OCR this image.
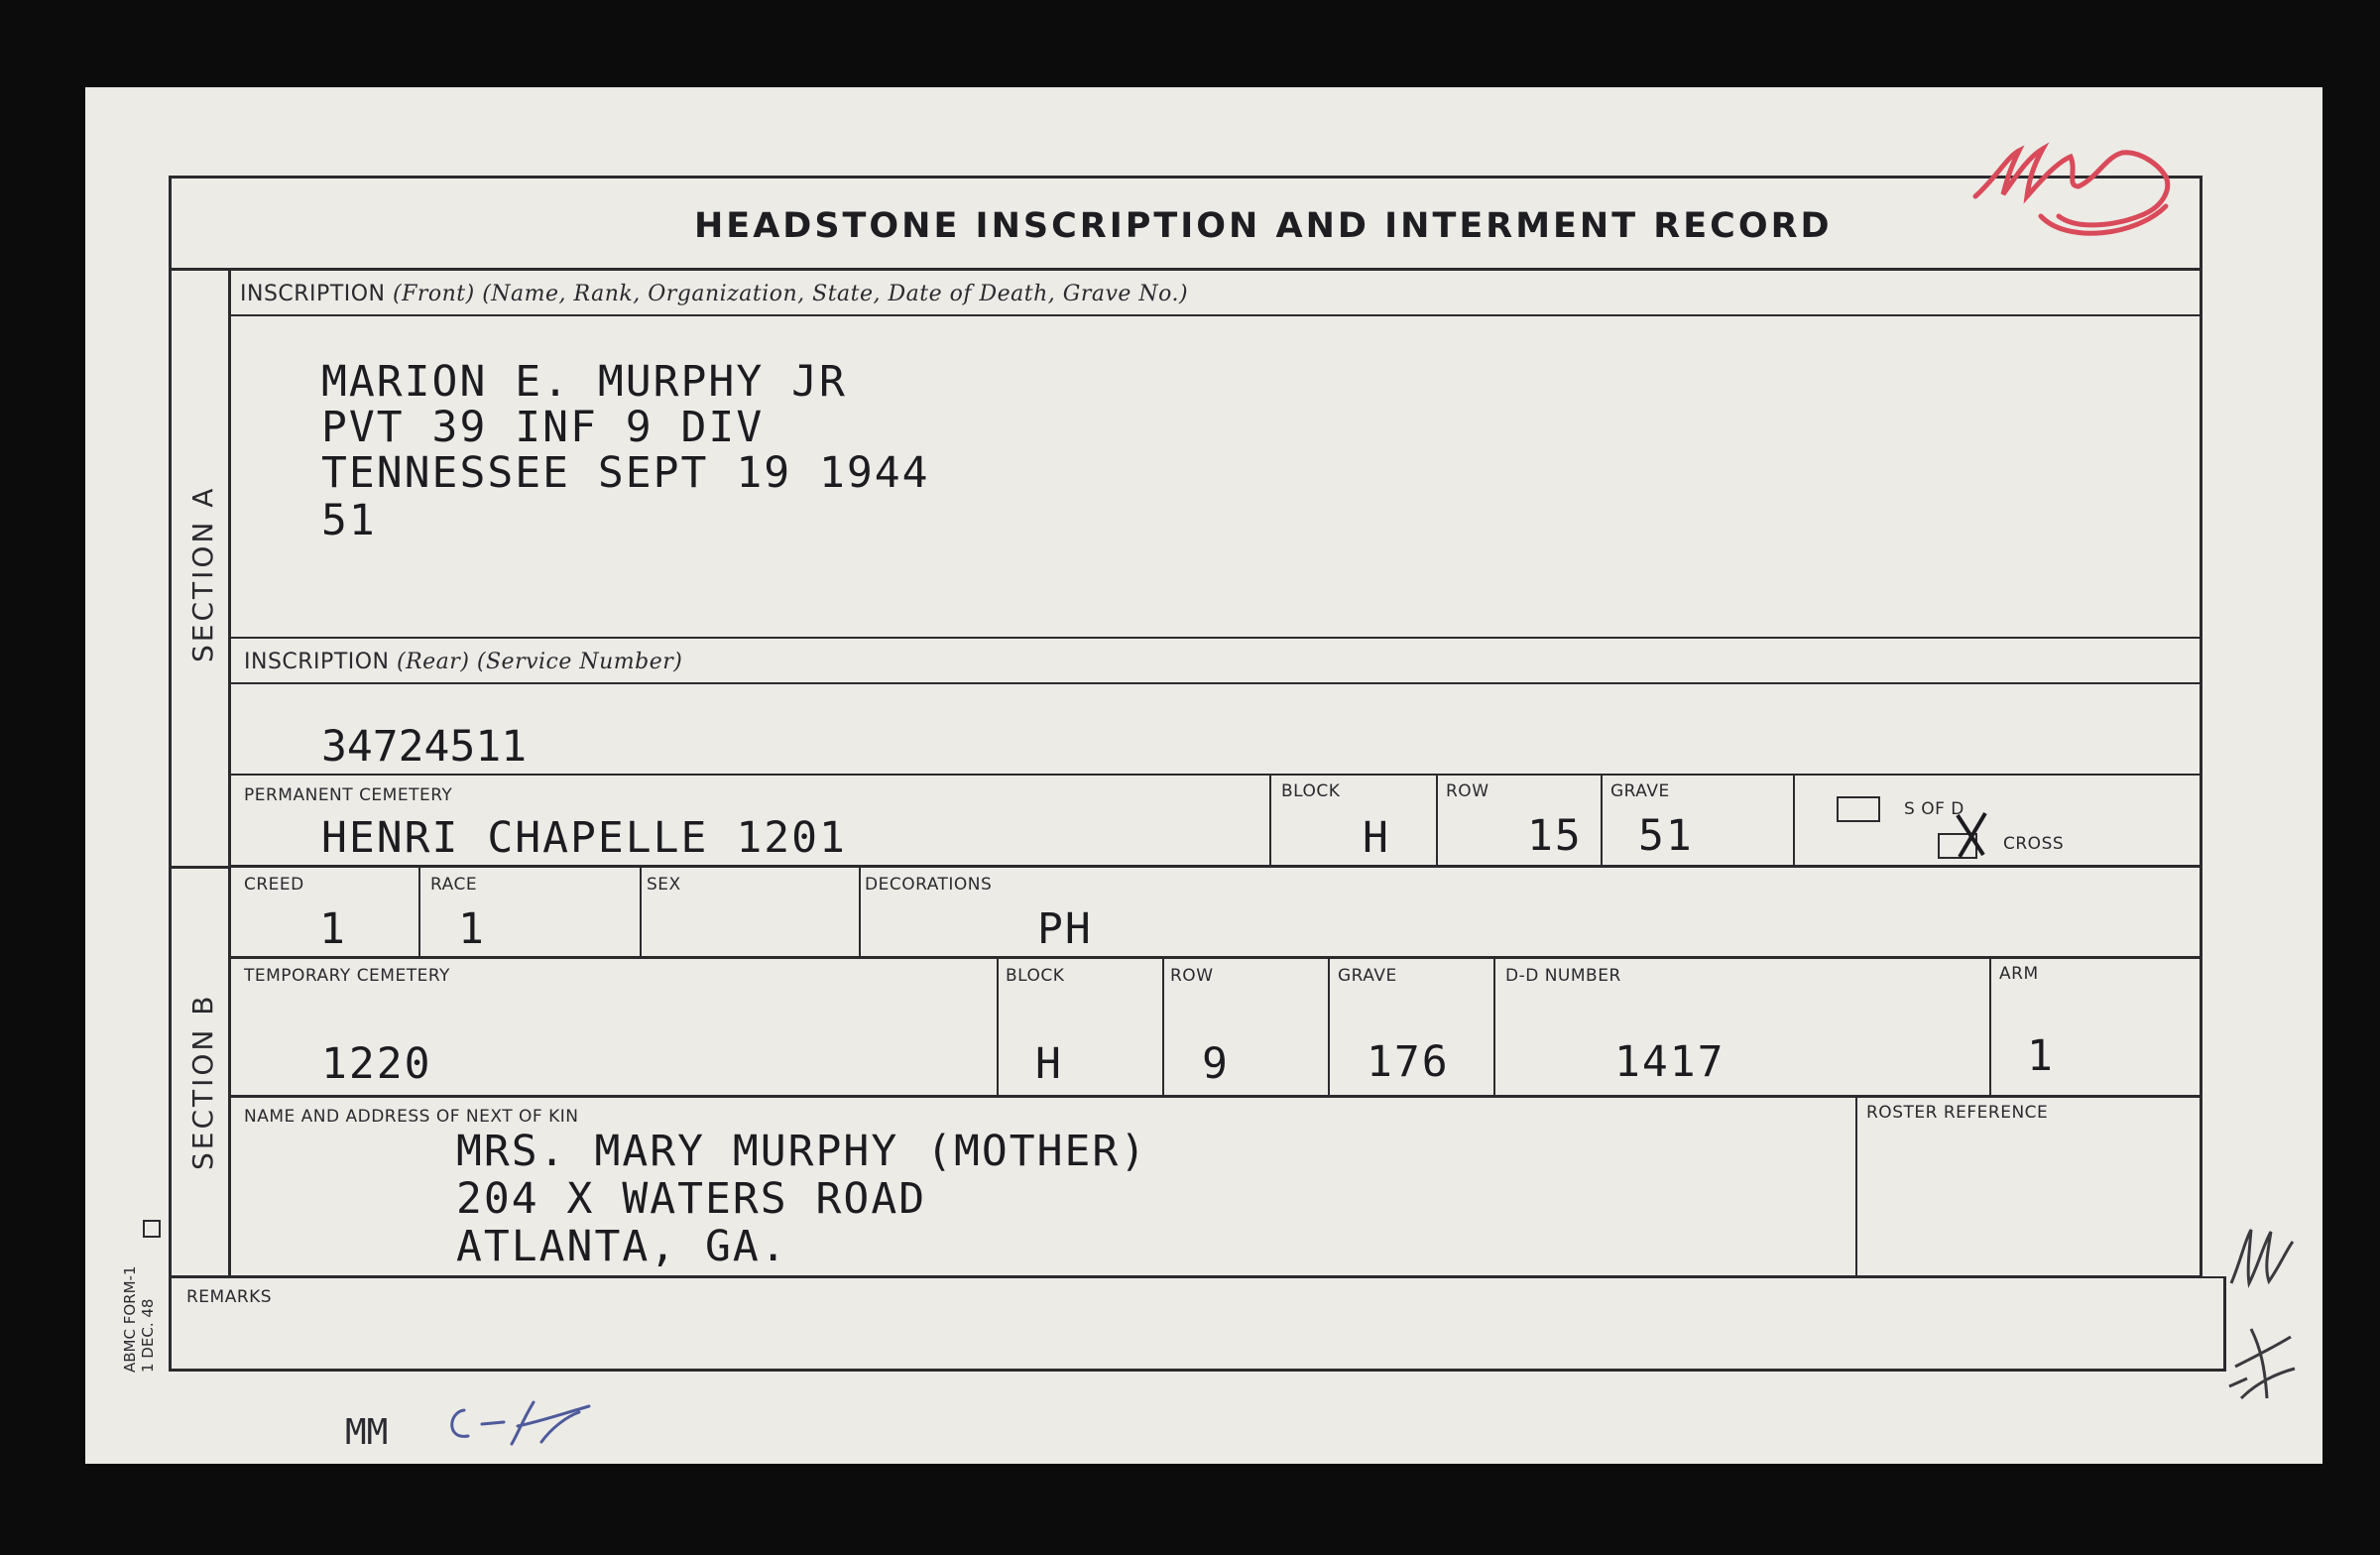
HEADSTONE INSCRIPTION AND INTERMENT RECORD
SECTION A
SECTION B
INSCRIPTION (Front) (Name, Rank, Organization, State, Date of Death, Grave No.)
MARION E. MURPHY JR
PVT 39 INF 9 DIV
TENNESSEE SEPT 19 1944
51
INSCRIPTION (Rear) (Service Number)
34724511
PERMANENT CEMETERY
HENRI CHAPELLE 1201
BLOCK
H
ROW
15
GRAVE
51
S OF D
CROSS
CREED
1
RACE
1
SEX	DECORATIONS
PH
TEMPORARY CEMETERY
1220
BLOCK
H
ROW
9
GRAVE
176
D-D NUMBER
1417
ARM
1
NAME AND ADDRESS OF NEXT OF KIN
MRS. MARY MURPHY (MOTHER)
204 X WATERS ROAD
ATLANTA, GA.
ROSTER REFERENCE
REMARKS
ABMC FORM-1 1 DEC. 48
MM
